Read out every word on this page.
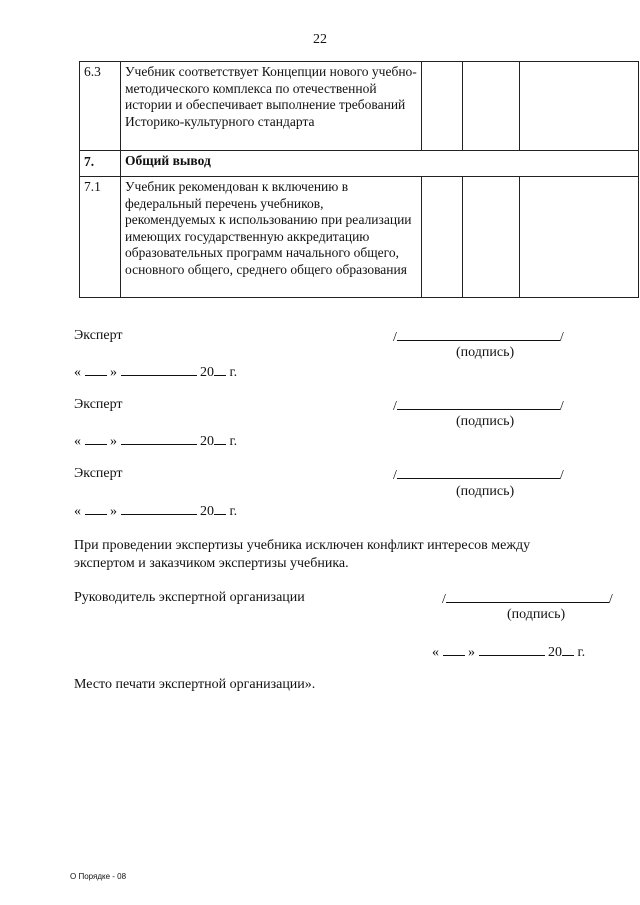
22
6.3	Учебник соответствует Концепции нового учебно-методического комплекса по отечественной истории и обеспечивает выполнение требований Историко-культурного стандарта			
7.	Общий вывод			
7.1	Учебник рекомендован к включению в федеральный перечень учебников, рекомендуемых к использованию при реализации имеющих государственную аккредитацию образовательных программ начального общего, основного общего, среднего общего образования			
Эксперт	/	/
(подпись)
« »	20 г.
Эксперт	/	/
(подпись)
« »	20 г.
Эксперт	/	/
(подпись)
« »	20 г.
При проведении экспертизы учебника исключен конфликт интересов между экспертом и заказчиком экспертизы учебника.
Руководитель экспертной организации	/	/
(подпись)
« »	20 г.
Место печати экспертной организации».
О Порядке - 08
